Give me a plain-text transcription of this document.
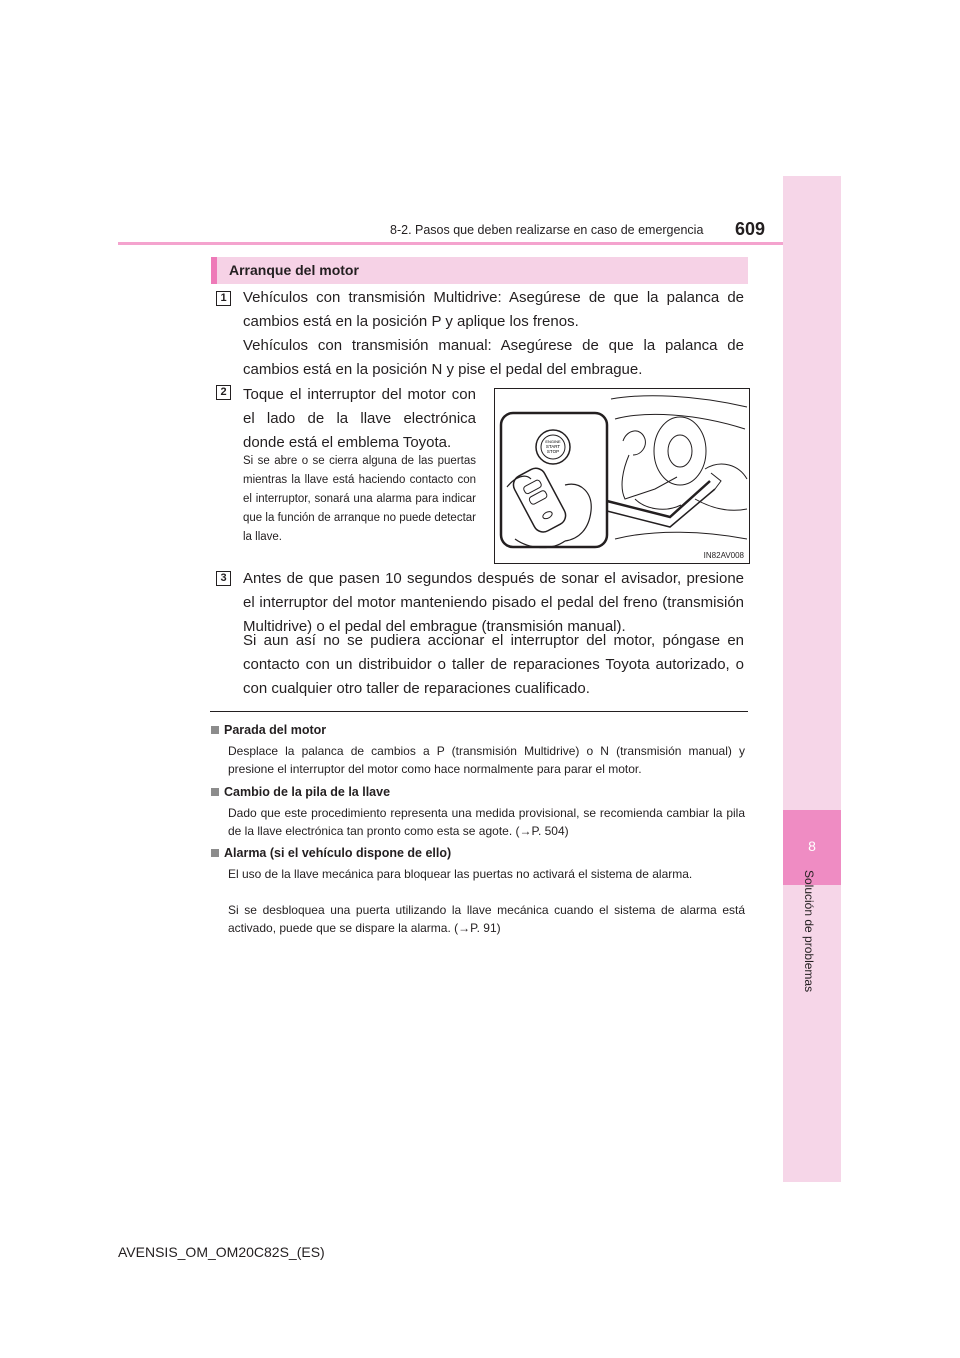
8
Solución de problemas
8-2. Pasos que deben realizarse en caso de emergencia 609
Arranque del motor
1 Vehículos con transmisión Multidrive: Asegúrese de que la palanca de cambios está en la posición P y aplique los frenos.

Vehículos con transmisión manual: Asegúrese de que la palanca de cambios está en la posición N y pise el pedal del embrague.

2 Toque el interruptor del motor con el lado de la llave electrónica donde está el emblema Toyota.

Si se abre o se cierra alguna de las puertas mientras la llave está haciendo contacto con el interruptor, sonará una alarma para indicar que la función de arranque no puede detectar la llave.

ENGINE
START
STOP
IN82AV008
3 Antes de que pasen 10 segundos después de sonar el avisador, presione el interruptor del motor manteniendo pisado el pedal del freno (transmisión Multidrive) o el pedal del embrague (transmisión manual).

Si aun así no se pudiera accionar el interruptor del motor, póngase en contacto con un distribuidor o taller de reparaciones Toyota autorizado, o con cualquier otro taller de reparaciones cualificado.

Parada del motor

Desplace la palanca de cambios a P (transmisión Multidrive) o N (transmisión manual) y presione el interruptor del motor como hace normalmente para parar el motor.

Cambio de la pila de la llave

Dado que este procedimiento representa una medida provisional, se recomienda cambiar la pila de la llave electrónica tan pronto como esta se agote. (→P. 504)

Alarma (si el vehículo dispone de ello)

El uso de la llave mecánica para bloquear las puertas no activará el sistema de alarma.

Si se desbloquea una puerta utilizando la llave mecánica cuando el sistema de alarma está activado, puede que se dispare la alarma. (→P. 91)

AVENSIS_OM_OM20C82S_(ES)
